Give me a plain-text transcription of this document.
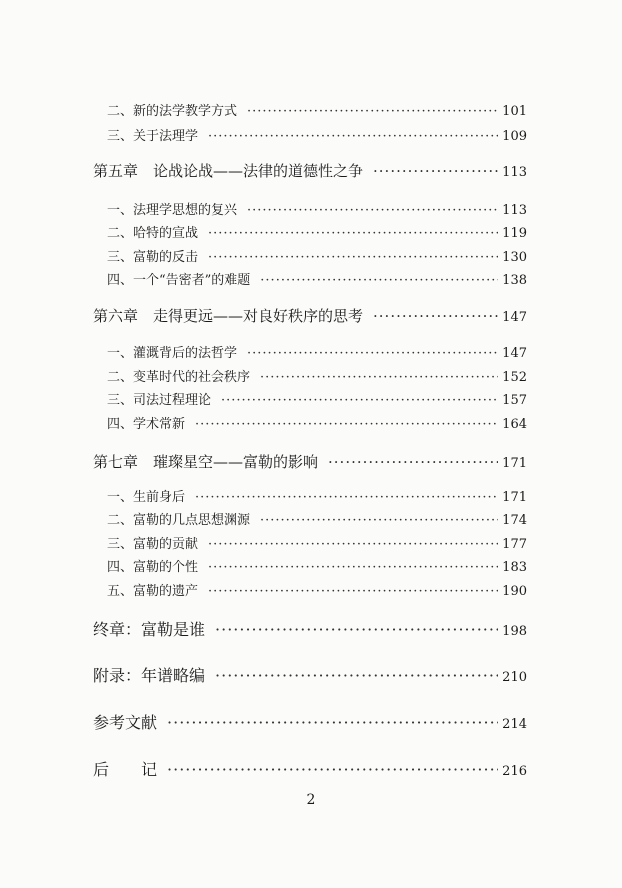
二、新的法学教学方式 ·····	101
三、关于法理学 ·····	109
第五章　论战论战——法律的道德性之争 ·····	113
一、法理学思想的复兴 ·····	113
二、哈特的宣战 ·····	119
三、富勒的反击 ·····	130
四、一个“告密者”的难题 ·····	138
第六章　走得更远——对良好秩序的思考 ·····	147
一、灌溉背后的法哲学 ·····	147
二、变革时代的社会秩序 ·····	152
三、司法过程理论 ·····	157
四、学术常新 ·····	164
第七章　璀璨星空——富勒的影响 ·····	171
一、生前身后 ·····	171
二、富勒的几点思想渊源 ·····	174
三、富勒的贡献 ·····	177
四、富勒的个性 ·····	183
五、富勒的遗产 ·····	190
终章：富勒是谁 ·····	198
附录：年谱略编 ·····	210
参考文献 ·····	214
后　　记 ·····	216
2
